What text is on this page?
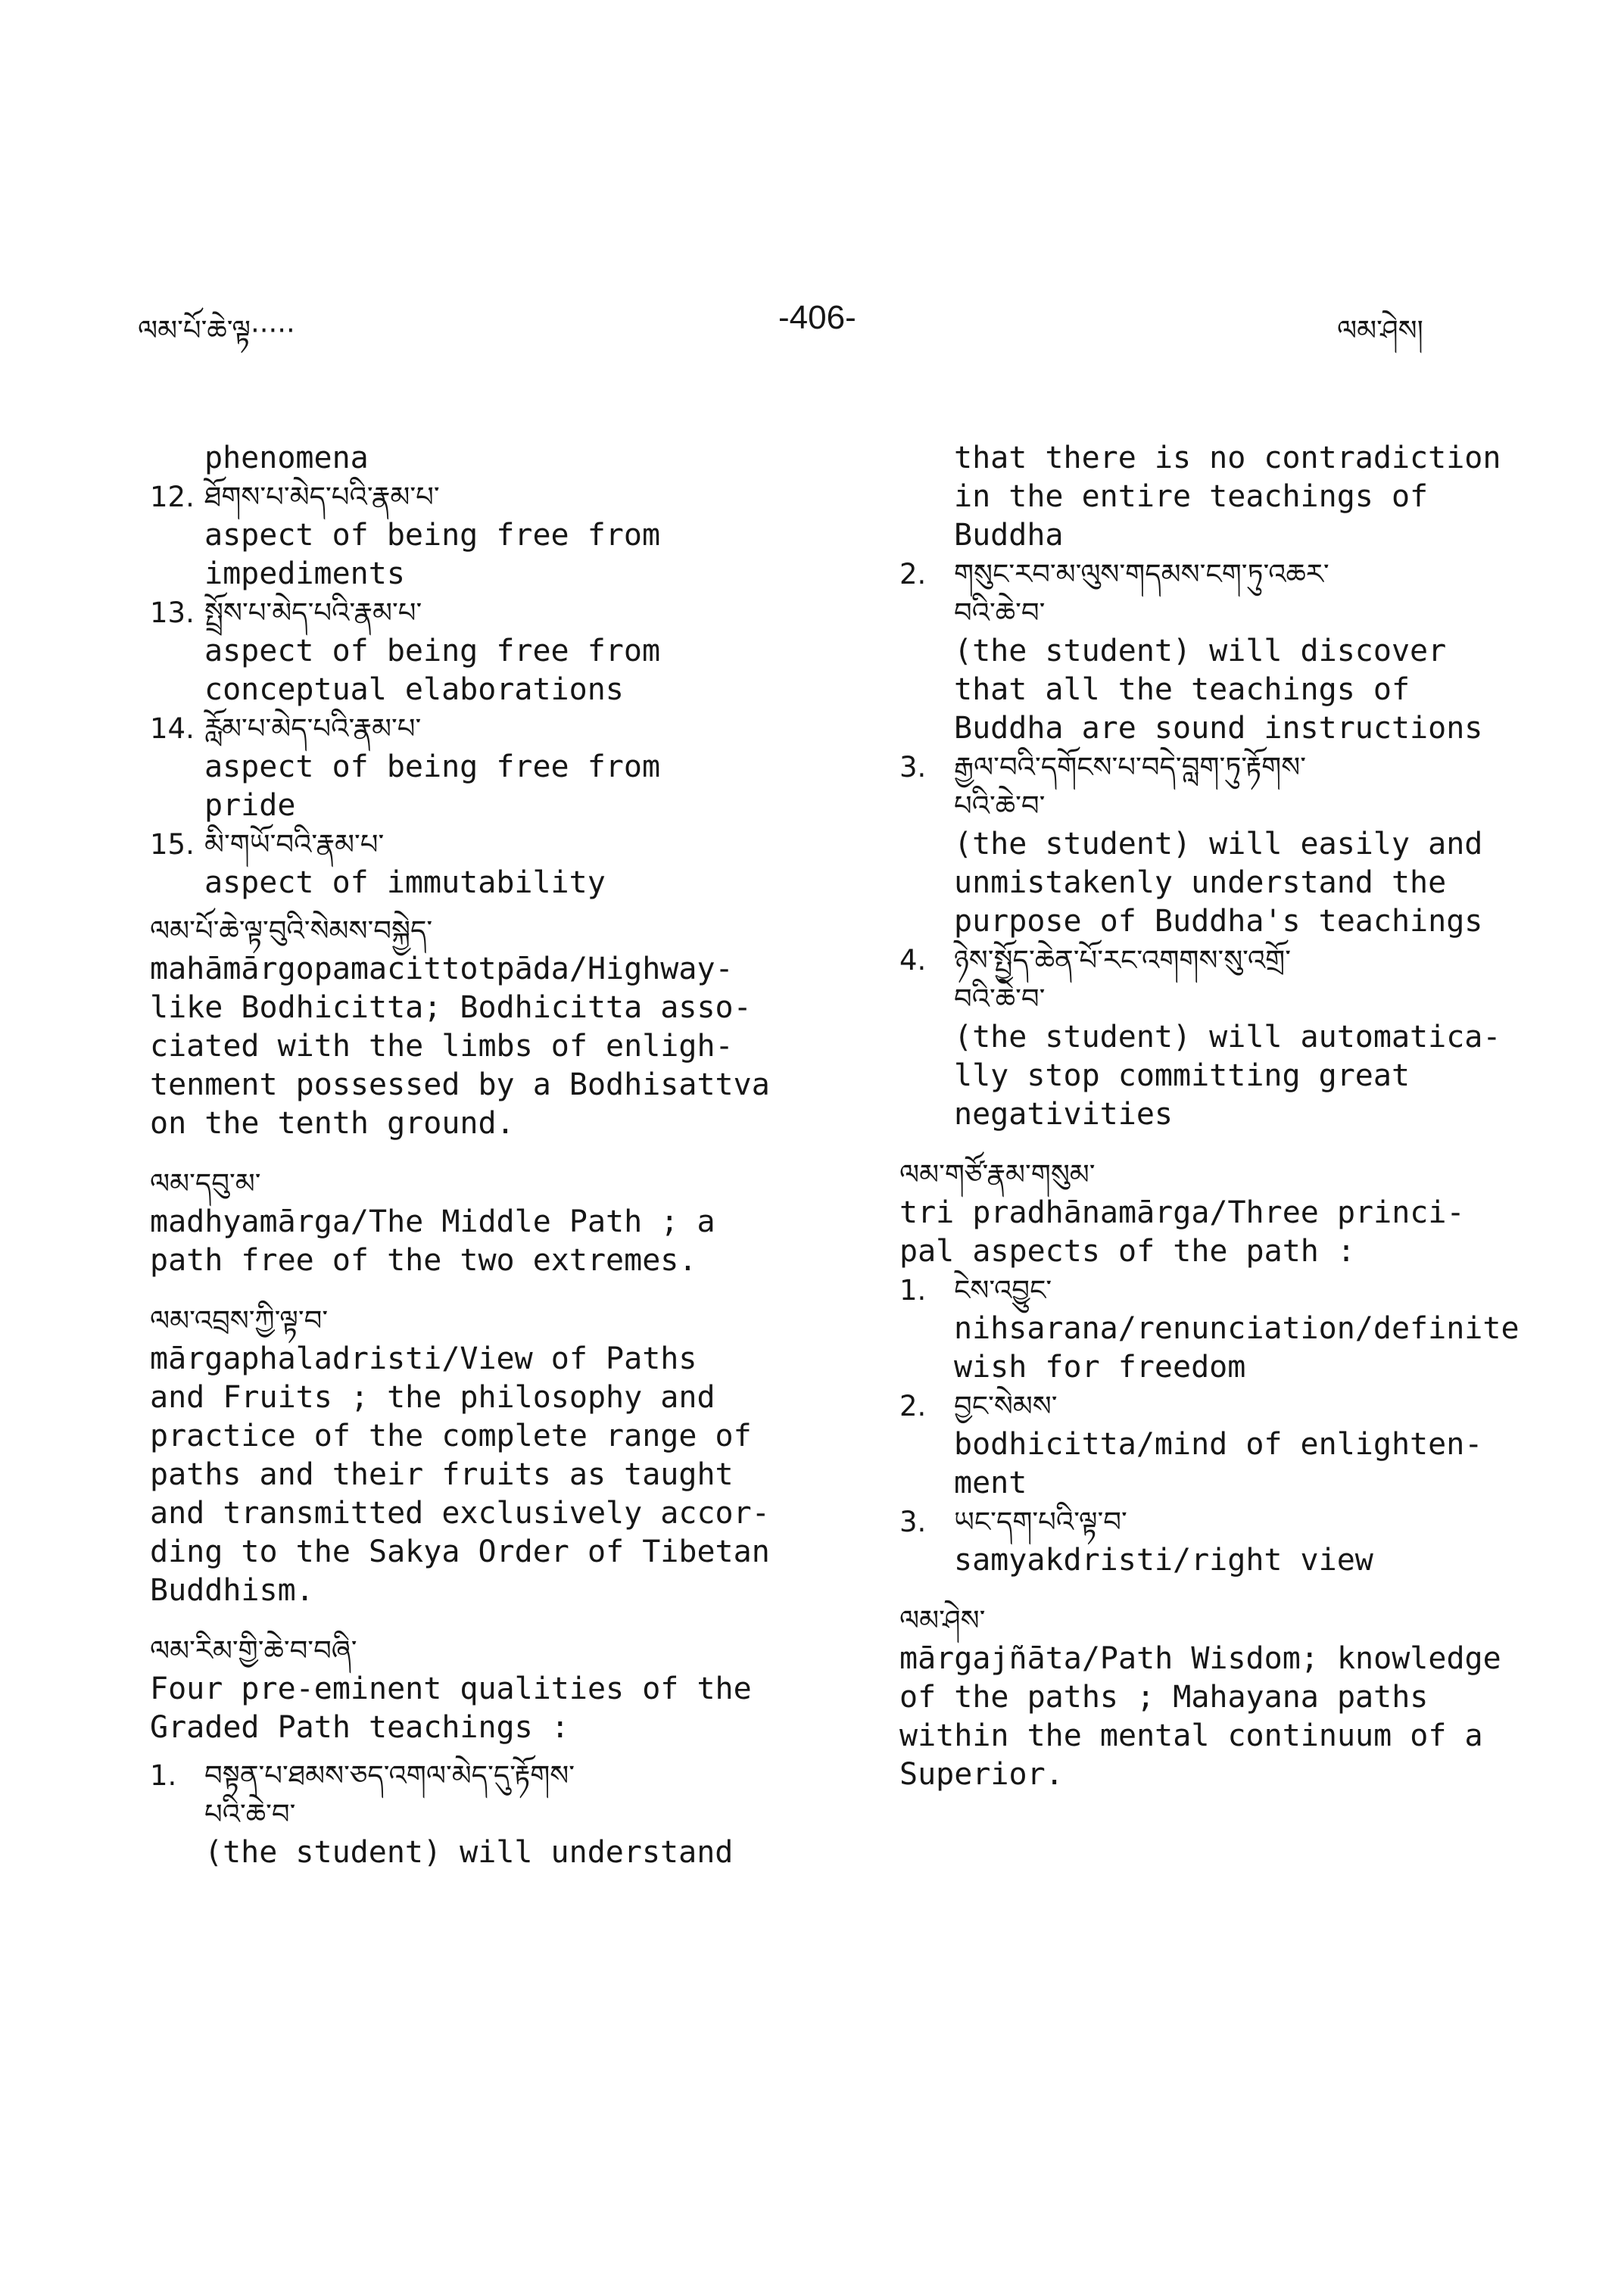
ལམ་པོ་ཆེ་ལྟ·····	-406-	ལམ་ཤེས།
phenomena
12. ཐོགས་པ་མེད་པའི་རྣམ་པ་
aspect of being free from
impediments
13. སྤྲོས་པ་མེད་པའི་རྣམ་པ་
aspect of being free from
conceptual elaborations
14. རློམ་པ་མེད་པའི་རྣམ་པ་
aspect of being free from
pride
15. མི་གཡོ་བའི་རྣམ་པ་
aspect of immutability
ལམ་པོ་ཆེ་ལྟ་བུའི་སེམས་བསྐྱེད་
mahāmārgopamacittotpāda/Highway-
like Bodhicitta; Bodhicitta asso-
ciated with the limbs of enligh-
tenment possessed by a Bodhisattva
on the tenth ground.
ལམ་དབུ་མ་
madhyamārga/The Middle Path ; a
path free of the two extremes.
ལམ་འབྲས་ཀྱི་ལྟ་བ་
mārgaphaladristi/View of Paths
and Fruits ; the philosophy and
practice of the complete range of
paths and their fruits as taught
and transmitted exclusively accor-
ding to the Sakya Order of Tibetan
Buddhism.
ལམ་རིམ་གྱི་ཆེ་བ་བཞི་
Four pre-eminent qualities of the
Graded Path teachings :
1. བསྟན་པ་ཐམས་ཅད་འགལ་མེད་དུ་རྟོགས་
པའི་ཆེ་བ་
(the student) will understand
that there is no contradiction
in the entire teachings of
Buddha
2. གསུང་རབ་མ་ལུས་གདམས་ངག་ཏུ་འཆར་
བའི་ཆེ་བ་
(the student) will discover
that all the teachings of
Buddha are sound instructions
3. རྒྱལ་བའི་དགོངས་པ་བདེ་བླག་ཏུ་རྟོགས་
པའི་ཆེ་བ་
(the student) will easily and
unmistakenly understand the
purpose of Buddha's teachings
4. ཉེས་སྤྱོད་ཆེན་པོ་རང་འགགས་སུ་འགྲོ་
བའི་ཆེ་བ་
(the student) will automatica-
lly stop committing great
negativities
ལམ་གཙོ་རྣམ་གསུམ་
tri pradhānamārga/Three princi-
pal aspects of the path :
1. ངེས་འབྱུང་
nihsarana/renunciation/definite
wish for freedom
2. བྱང་སེམས་
bodhicitta/mind of enlighten-
ment
3. ཡང་དག་པའི་ལྟ་བ་
samyakdristi/right view
ལམ་ཤེས་
mārgajñāta/Path Wisdom; knowledge
of the paths ; Mahayana paths
within the mental continuum of a
Superior.
